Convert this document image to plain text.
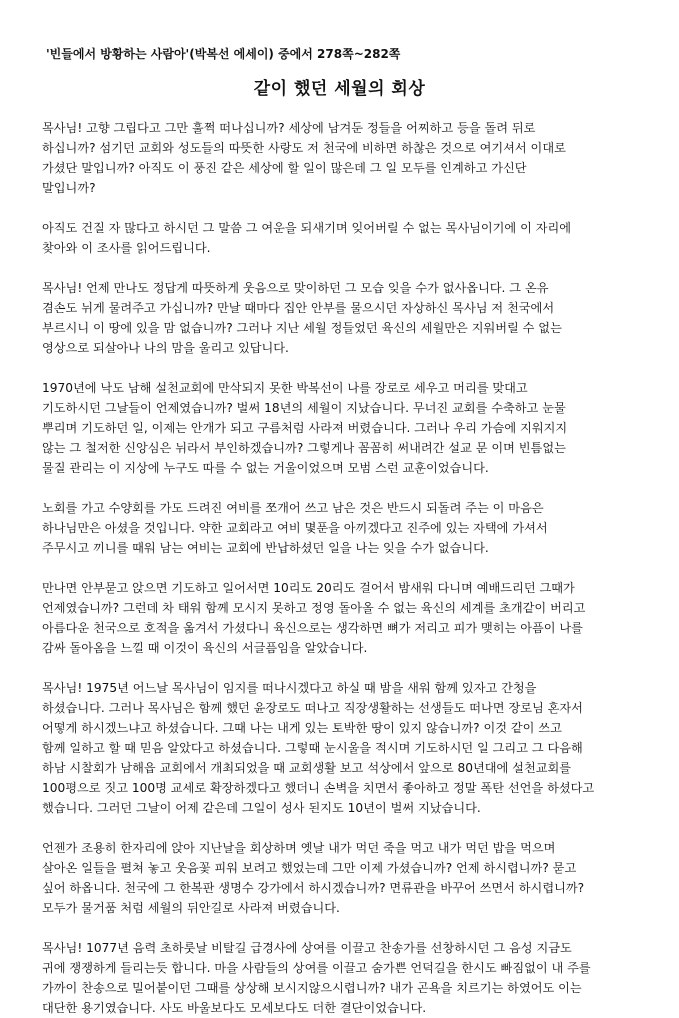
'빈들에서 방황하는 사람아'(박복선 에세이) 중에서 278쪽~282쪽
같이 했던 세월의 회상
목사님! 고향 그립다고 그만 훌쩍 떠나십니까? 세상에 남겨둔 정들을 어찌하고 등을 돌려 뒤로
하십니까? 섬기던 교회와 성도들의 따뜻한 사랑도 저 천국에 비하면 하찮은 것으로 여기셔서 이대로
가셨단 말입니까? 아직도 이 풍진 같은 세상에 할 일이 많은데 그 일 모두를 인계하고 가신단
말입니까?
아직도 건질 자 많다고 하시던 그 말씀 그 여운을 되새기며 잊어버릴 수 없는 목사님이기에 이 자리에
찾아와 이 조사를 읽어드립니다.
목사님! 언제 만나도 정답게 따뜻하게 웃음으로 맞이하던 그 모습 잊을 수가 없사옵니다. 그 온유
겸손도 뉘게 물려주고 가십니까? 만날 때마다 집안 안부를 물으시던 자상하신 목사님 저 천국에서
부르시니 이 땅에 있을 맘 없습니까? 그러나 지난 세월 정들었던 육신의 세월만은 지워버릴 수 없는
영상으로 되살아나 나의 맘을 울리고 있답니다.
1970년에 낙도 남해 설천교회에 만삭되지 못한 박복선이 나를 장로로 세우고 머리를 맞대고
기도하시던 그날들이 언제였습니까? 벌써 18년의 세월이 지났습니다. 무너진 교회를 수축하고 눈물
뿌리며 기도하던 일, 이제는 안개가 되고 구름처럼 사라져 버렸습니다. 그러나 우리 가슴에 지워지지
않는 그 철저한 신앙심은 뉘라서 부인하겠습니까? 그렇게나 꼼꼼히 써내려간 설교 문 이며 빈틈없는
물질 관리는 이 지상에 누구도 따를 수 없는 거울이었으며 모범 스런 교훈이었습니다.
노회를 가고 수양회를 가도 드려진 여비를 쪼개어 쓰고 남은 것은 반드시 되돌려 주는 이 마음은
하나님만은 아셨을 것입니다. 약한 교회라고 여비 몇푼을 아끼겠다고 진주에 있는 자택에 가셔서
주무시고 끼니를 때워 남는 여비는 교회에 반납하셨던 일을 나는 잊을 수가 없습니다.
만나면 안부묻고 앉으면 기도하고 일어서면 10리도 20리도 걸어서 밤새워 다니며 예배드리던 그때가
언제였습니까? 그런데 차 태워 함께 모시지 못하고 정영 돌아올 수 없는 육신의 세계를 초개같이 버리고
아름다운 천국으로 호적을 옮겨서 가셨다니 육신으로는 생각하면 뼈가 저리고 피가 맺히는 아픔이 나를
감싸 돌아옴을 느낄 때 이것이 육신의 서글픔임을 알았습니다.
목사님! 1975년 어느날 목사님이 임지를 떠나시겠다고 하실 때 밤을 새워 함께 있자고 간청을
하셨습니다. 그러나 목사님은 함께 했던 윤장로도 떠나고 직장생활하는 선생들도 떠나면 장로님 혼자서
어떻게 하시겠느냐고 하셨습니다. 그때 나는 내게 있는 토박한 땅이 있지 않습니까? 이것 같이 쓰고
함께 일하고 할 때 믿음 알았다고 하셨습니다. 그렇때 눈시울을 적시며 기도하시던 일 그리고 그 다음해
하남 시찰회가 남해읍 교회에서 개최되었을 때 교회생활 보고 석상에서 앞으로 80년대에 설천교회를
100평으로 짓고 100명 교세로 확장하겠다고 했더니 손벽을 치면서 좋아하고 정말 폭탄 선언을 하셨다고
했습니다. 그러던 그날이 어제 같은데 그일이 성사 된지도 10년이 벌써 지났습니다.
언젠가 조용히 한자리에 앉아 지난날을 회상하며 옛날 내가 먹던 죽을 먹고 내가 먹던 밥을 먹으며
살아온 일들을 펼쳐 놓고 웃음꽃 피워 보려고 했었는데 그만 이제 가셨습니까? 언제 하시렵니까? 묻고
싶어 하옵니다. 천국에 그 한복판 생명수 강가에서 하시겠습니까? 면류관을 바꾸어 쓰면서 하시렵니까?
모두가 물거품 처럼 세월의 뒤안길로 사라져 버렸습니다.
목사님! 1077년 음력 초하룻날 비탈길 급경사에 상여를 이끌고 찬송가를 선창하시던 그 음성 지금도
귀에 쟁쟁하게 들리는듯 합니다. 마을 사람들의 상여를 이끌고 숨가쁜 언덕길을 한시도 빠짐없이 내 주를
가까이 찬송으로 밀어붙이던 그때를 상상해 보시지않으시렵니까? 내가 곤욕을 치르기는 하였어도 이는
대단한 용기였습니다. 사도 바울보다도 모세보다도 더한 결단이었습니다.
